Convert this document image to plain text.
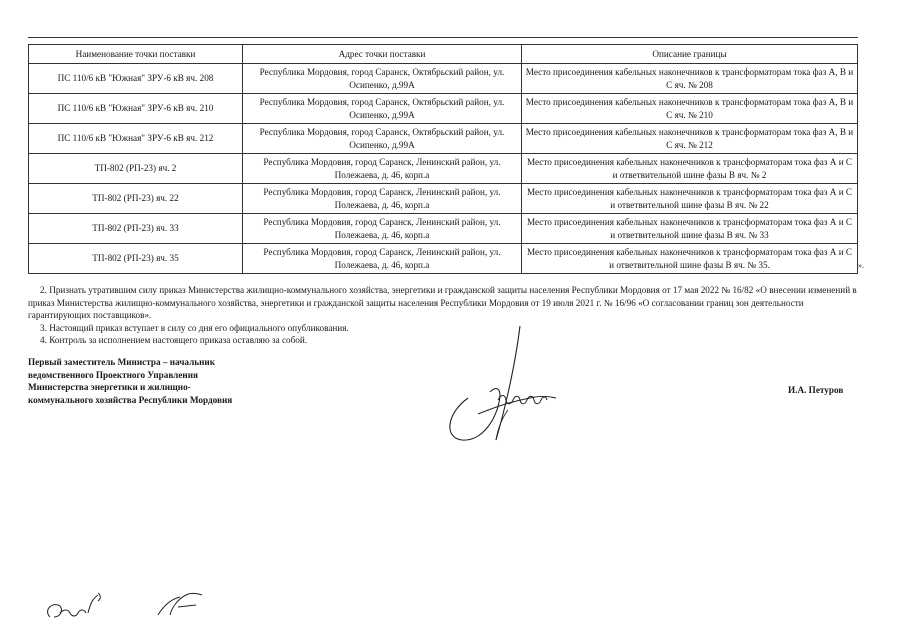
Наименование точки поставки	Адрес точки поставки	Описание границы
ПС 110/6 кВ "Южная" ЗРУ-6 кВ яч. 208	Республика Мордовия, город Саранск, Октябрьский район, ул. Осипенко, д.99А	Место присоединения кабельных наконечников к трансформаторам тока фаз А, В и С яч. № 208
ПС 110/6 кВ "Южная" ЗРУ-6 кВ яч. 210	Республика Мордовия, город Саранск, Октябрьский район, ул. Осипенко, д.99А	Место присоединения кабельных наконечников к трансформаторам тока фаз А, В и С яч. № 210
ПС 110/6 кВ "Южная" ЗРУ-6 кВ яч. 212	Республика Мордовия, город Саранск, Октябрьский район, ул. Осипенко, д.99А	Место присоединения кабельных наконечников к трансформаторам тока фаз А, В и С яч. № 212
ТП-802 (РП-23) яч. 2	Республика Мордовия, город Саранск, Ленинский район, ул. Полежаева, д. 46, корп.а	Место присоединения кабельных наконечников к трансформаторам тока фаз А и С и ответвительной шине фазы В яч. № 2
ТП-802 (РП-23) яч. 22	Республика Мордовия, город Саранск, Ленинский район, ул. Полежаева, д. 46, корп.а	Место присоединения кабельных наконечников к трансформаторам тока фаз А и С и ответвительной шине фазы В яч. № 22
ТП-802 (РП-23) яч. 33	Республика Мордовия, город Саранск, Ленинский район, ул. Полежаева, д. 46, корп.а	Место присоединения кабельных наконечников к трансформаторам тока фаз А и С и ответвительной шине фазы В яч. № 33
ТП-802 (РП-23) яч. 35	Республика Мордовия, город Саранск, Ленинский район, ул. Полежаева, д. 46, корп.а	Место присоединения кабельных наконечников к трансформаторам тока фаз А и С и ответвительной шине фазы В яч. № 35.	».

2. Признать утратившим силу приказ Министерства жилищно-коммунального хозяйства, энергетики и гражданской защиты населения Республики Мордовия от 17 мая 2022 № 16/82 «О внесении изменений в приказ Министерства жилищно-коммунального хозяйства, энергетики и гражданской защиты населения Республики Мордовия от 19 июля 2021 г. № 16/96 «О согласовании границ зон деятельности гарантирующих поставщиков».

3. Настоящий приказ вступает в силу со дня его официального опубликования.

4. Контроль за исполнением настоящего приказа оставляю за собой.

Первый заместитель Министра – начальник ведомственного Проектного Управления Министерства энергетики и жилищно-коммунального хозяйства Республики Мордовия
И.А. Петуров
